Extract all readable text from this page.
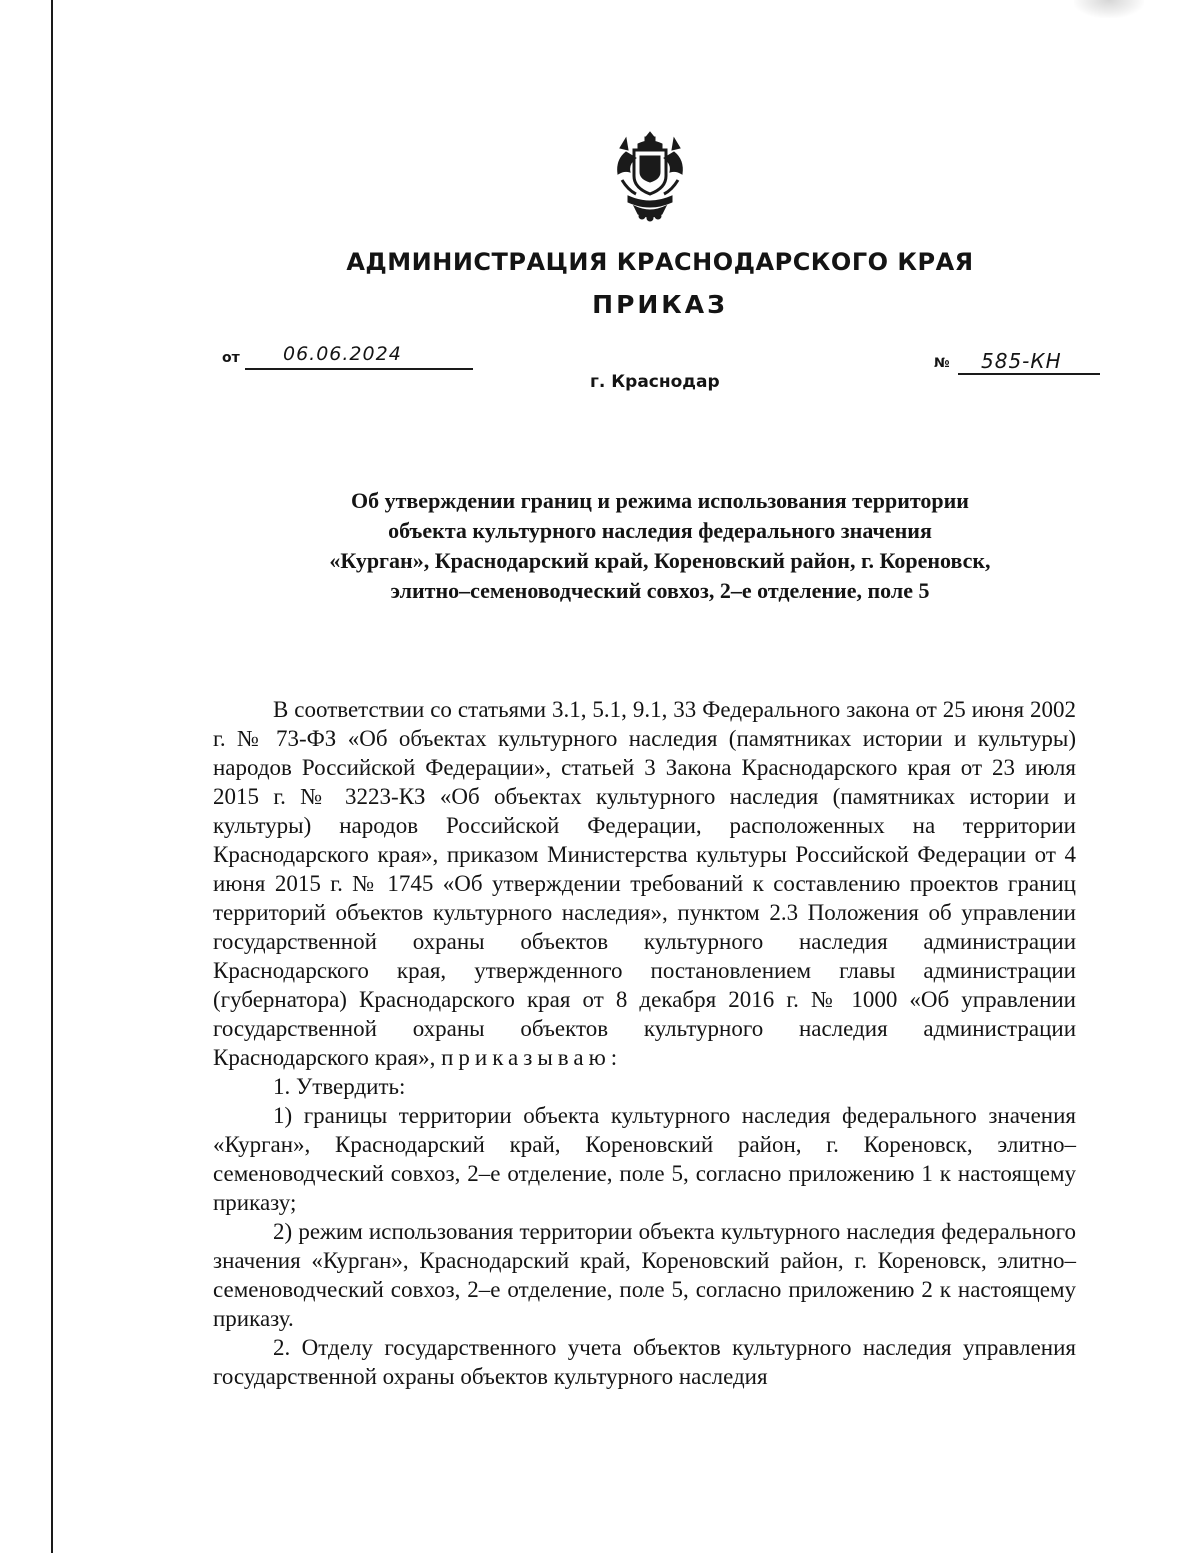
АДМИНИСТРАЦИЯ КРАСНОДАРСКОГО КРАЯ
ПРИКАЗ
от 06.06.2024
г. Краснодар
№ 585-КН
Об утверждении границ и режима использования территории
объекта культурного наследия федерального значения
«Курган», Краснодарский край, Кореновский район, г. Кореновск,
элитно–семеноводческий совхоз, 2–е отделение, поле 5

В соответствии со статьями 3.1, 5.1, 9.1, 33 Федерального закона от 25 июня 2002 г. № 73-ФЗ «Об объектах культурного наследия (памятниках истории и культуры) народов Российской Федерации», статьей 3 Закона Краснодарского края от 23 июля 2015 г. № 3223-КЗ «Об объектах культурного наследия (памятниках истории и культуры) народов Российской Федерации, расположенных на территории Краснодарского края», приказом Министерства культуры Российской Федерации от 4 июня 2015 г. № 1745 «Об утверждении требований к составлению проектов границ территорий объектов культурного наследия», пунктом 2.3 Положения об управлении государственной охраны объектов культурного наследия администрации Краснодарского края, утвержденного постановлением главы администрации (губернатора) Краснодарского края от 8 декабря 2016 г. № 1000 «Об управлении государственной охраны объектов культурного наследия администрации Краснодарского края», приказываю:

1. Утвердить:

1) границы территории объекта культурного наследия федерального значения «Курган», Краснодарский край, Кореновский район, г. Кореновск, элитно–семеноводческий совхоз, 2–е отделение, поле 5, согласно приложению 1 к настоящему приказу;

2) режим использования территории объекта культурного наследия федерального значения «Курган», Краснодарский край, Кореновский район, г. Кореновск, элитно–семеноводческий совхоз, 2–е отделение, поле 5, согласно приложению 2 к настоящему приказу.

2. Отделу государственного учета объектов культурного наследия управления государственной охраны объектов культурного наследия
